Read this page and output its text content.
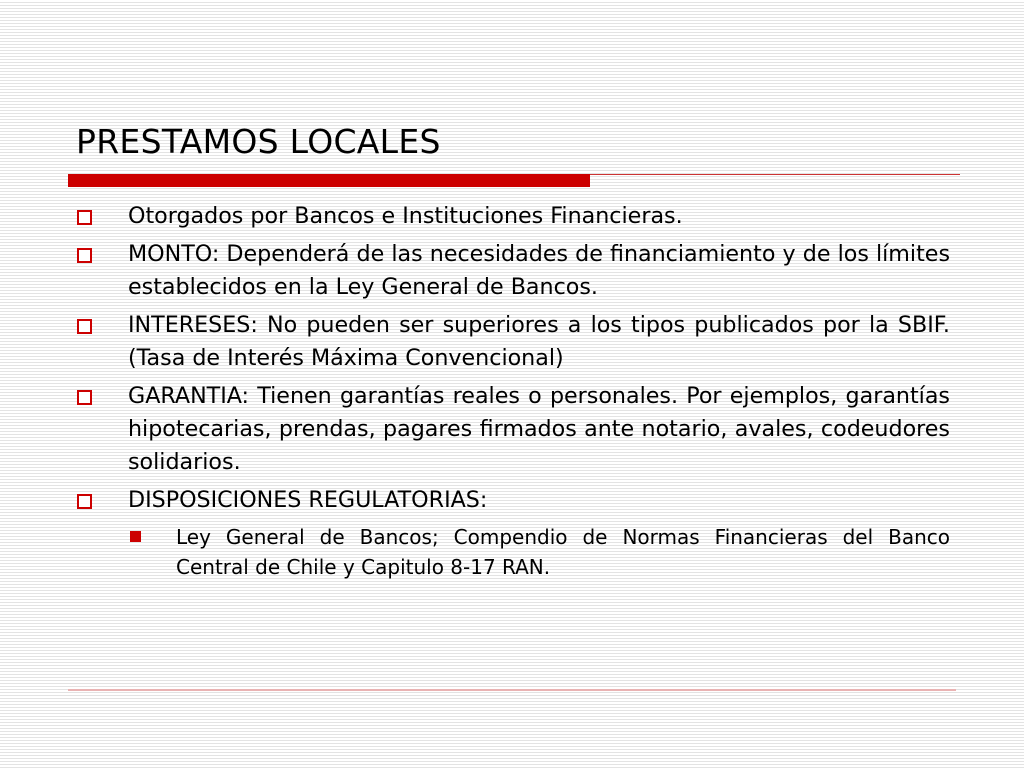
PRESTAMOS LOCALES
Otorgados por Bancos e Instituciones Financieras.
MONTO: Dependerá de las necesidades de financiamiento y de los límites establecidos en la Ley General de Bancos.
INTERESES: No pueden ser superiores a los tipos publicados por la SBIF. (Tasa de Interés Máxima Convencional)
GARANTIA: Tienen garantías reales o personales. Por ejemplos, garantías hipotecarias, prendas, pagares firmados ante notario, avales, codeudores solidarios.
DISPOSICIONES REGULATORIAS:
Ley General de Bancos; Compendio de Normas Financieras del Banco Central de Chile y Capitulo 8-17 RAN.
